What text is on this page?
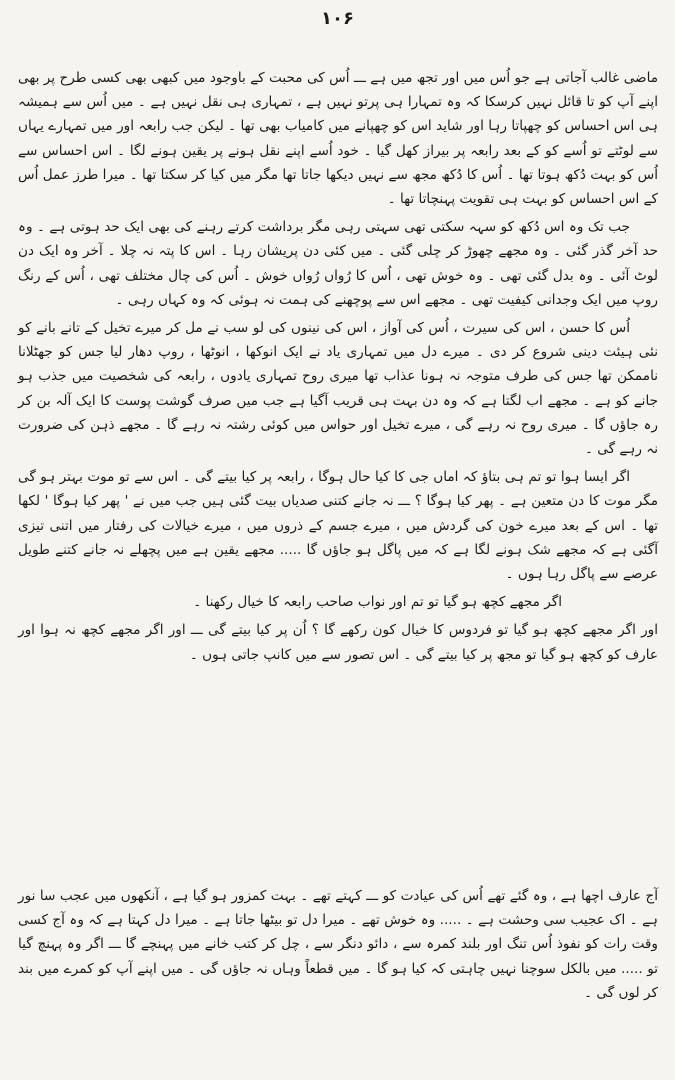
۱۰۶

ماضی غالب آجاتی ہے جو اُس میں اور تجھ میں ہے ـــ اُس کی محبت کے باوجود میں کبھی بھی کسی طرح پر بھی اپنے آپ کو تا قائل نہیں کرسکا کہ وہ تمہارا ہی پرتو نہیں ہے ، تمہاری ہی نقل نہیں ہے ۔ میں اُس سے ہمیشہ ہی اس احساس کو چھپاتا رہا اور شاید اس کو چھپانے میں کامیاب بھی تھا ۔ لیکن جب رابعہ اور میں تمہارے یہاں سے لوٹتے تو اُسے کو کے بعد رابعہ پر بیراز کھل گیا ۔ خود اُسے اپنے نقل ہونے پر یقین ہونے لگا ۔ اس احساس سے اُس کو بہت دُکھ ہوتا تھا ۔ اُس کا دُکھ مجھ سے نہیں دیکھا جاتا تھا مگر میں کیا کر سکتا تھا ۔ میرا طرز عمل اُس کے اس احساس کو بہت ہی تقویت پہنچاتا تھا ۔

جب تک وہ اس دُکھ کو سہہ سکتی تھی سہتی رہی مگر برداشت کرتے رہنے کی بھی ایک حد ہوتی ہے ۔ وہ حد آخر گذر گئی ۔ وہ مجھے چھوڑ کر چلی گئی ۔ میں کئی دن پریشان رہا ۔ اس کا پتہ نہ چلا ۔ آخر وہ ایک دن لوٹ آئی ۔ وہ بدل گئی تھی ۔ وہ خوش تھی ، اُس کا رُواں رُواں خوش ۔ اُس کی چال مختلف تھی ، اُس کے رنگ روپ میں ایک وجدانی کیفیت تھی ۔ مجھے اس سے پوچھنے کی ہمت نہ ہوئی کہ وہ کہاں رہی ۔

اُس کا حسن ، اس کی سیرت ، اُس کی آواز ، اس کی نینوں کی لو سب نے مل کر میرے تخیل کے تانے بانے کو نئی ہیئت دینی شروع کر دی ۔ میرے دل میں تمہاری یاد نے ایک انوکھا ، انوٹھا ، روپ دھار لیا جس کو جھٹلانا ناممکن تھا جس کی طرف متوجہ نہ ہونا عذاب تھا میری روح تمہاری یادوں ، رابعہ کی شخصیت میں جذب ہو جانے کو ہے ۔ مجھے اب لگتا ہے کہ وہ دن بہت ہی قریب آگیا ہے جب میں صرف گوشت پوست کا ایک آلہ بن کر رہ جاؤں گا ۔ میری روح نہ رہے گی ، میرے تخیل اور حواس میں کوئی رشتہ نہ رہے گا ۔ مجھے ذہن کی ضرورت نہ رہے گی ۔

اگر ایسا ہوا تو تم ہی بتاؤ کہ اماں جی کا کیا حال ہوگا ، رابعہ پر کیا بیتے گی ۔ اس سے تو موت بہتر ہو گی مگر موت کا دن متعین ہے ۔ پھر کیا ہوگا ؟ ـــ نہ جانے کتنی صدیاں بیت گئی ہیں جب میں نے ' پھر کیا ہوگا ' لکھا تھا ۔ اس کے بعد میرے خون کی گردش میں ، میرے جسم کے ذروں میں ، میرے خیالات کی رفتار میں اتنی تیزی آگئی ہے کہ مجھے شک ہونے لگا ہے کہ میں پاگل ہو جاؤں گا ..... مجھے یقین ہے میں پچھلے نہ جانے کتنے طویل عرصے سے پاگل رہا ہوں ۔

اگر مجھے کچھ ہو گیا تو تم اور نواب صاحب رابعہ کا خیال رکھنا ۔

اور اگر مجھے کچھ ہو گیا تو فردوس کا خیال کون رکھے گا ؟ اُن پر کیا بیتے گی ـــ اور اگر مجھے کچھ نہ ہوا اور عارف کو کچھ ہو گیا تو مجھ پر کیا بیتے گی ۔ اس تصور سے میں کانپ جاتی ہوں ۔

آج عارف اچھا ہے ، وہ گئے تھے اُس کی عیادت کو ـــ کہتے تھے ۔ بہت کمزور ہو گیا ہے ، آنکھوں میں عجب سا نور ہے ۔ اک عجیب سی وحشت ہے ۔ ..... وہ خوش تھے ۔ میرا دل تو بیٹھا جاتا ہے ۔ میرا دل کہتا ہے کہ وہ آج کسی وقت رات کو نفوذ اُس تنگ اور بلند کمرہ سے ، دائو دنگر سے ، چل کر کتب خانے میں پہنچے گا ـــ اگر وہ پہنچ گیا تو ..... میں بالکل سوچنا نہیں چاہتی کہ کیا ہو گا ۔ میں قطعاً وہاں نہ جاؤں گی ۔ میں اپنے آپ کو کمرے میں بند کر لوں گی ۔
